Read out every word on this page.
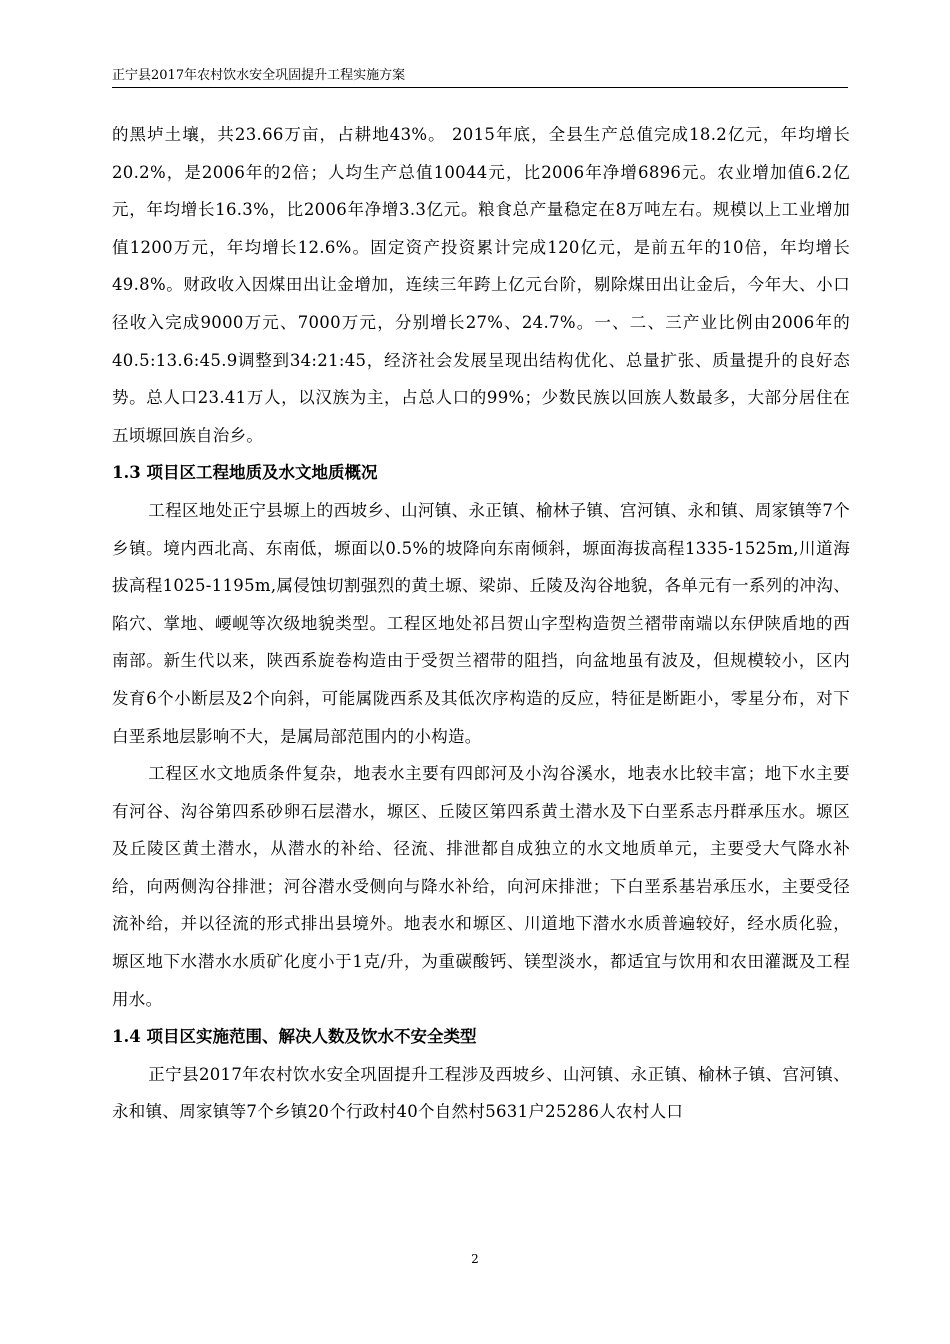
正宁县2017年农村饮水安全巩固提升工程实施方案

的黑垆土壤，共23.66万亩，占耕地43%。 2015年底，全县生产总值完成18.2亿元，年均增长20.2%，是2006年的2倍；人均生产总值10044元，比2006年净增6896元。农业增加值6.2亿元，年均增长16.3%，比2006年净增3.3亿元。粮食总产量稳定在8万吨左右。规模以上工业增加值1200万元，年均增长12.6%。固定资产投资累计完成120亿元，是前五年的10倍，年均增长49.8%。财政收入因煤田出让金增加，连续三年跨上亿元台阶，剔除煤田出让金后，今年大、小口径收入完成9000万元、7000万元，分别增长27%、24.7%。一、二、三产业比例由2006年的40.5:13.6:45.9调整到34:21:45，经济社会发展呈现出结构优化、总量扩张、质量提升的良好态势。总人口23.41万人，以汉族为主，占总人口的99%；少数民族以回族人数最多，大部分居住在五顷塬回族自治乡。

1.3 项目区工程地质及水文地质概况

工程区地处正宁县塬上的西坡乡、山河镇、永正镇、榆林子镇、宫河镇、永和镇、周家镇等7个乡镇。境内西北高、东南低，塬面以0.5%的坡降向东南倾斜，塬面海拔高程1335-1525m,川道海拔高程1025-1195m,属侵蚀切割强烈的黄土塬、梁峁、丘陵及沟谷地貌，各单元有一系列的冲沟、陷穴、掌地、崾岘等次级地貌类型。工程区地处祁吕贺山字型构造贺兰褶带南端以东伊陕盾地的西南部。新生代以来，陕西系旋卷构造由于受贺兰褶带的阻挡，向盆地虽有波及，但规模较小，区内发育6个小断层及2个向斜，可能属陇西系及其低次序构造的反应，特征是断距小，零星分布，对下白垩系地层影响不大，是属局部范围内的小构造。

工程区水文地质条件复杂，地表水主要有四郎河及小沟谷溪水，地表水比较丰富；地下水主要有河谷、沟谷第四系砂卵石层潜水，塬区、丘陵区第四系黄土潜水及下白垩系志丹群承压水。塬区及丘陵区黄土潜水，从潜水的补给、径流、排泄都自成独立的水文地质单元，主要受大气降水补给，向两侧沟谷排泄；河谷潜水受侧向与降水补给，向河床排泄；下白垩系基岩承压水，主要受径流补给，并以径流的形式排出县境外。地表水和塬区、川道地下潜水水质普遍较好，经水质化验，塬区地下水潜水水质矿化度小于1克/升，为重碳酸钙、镁型淡水，都适宜与饮用和农田灌溉及工程用水。

1.4 项目区实施范围、解决人数及饮水不安全类型

正宁县2017年农村饮水安全巩固提升工程涉及西坡乡、山河镇、永正镇、榆林子镇、宫河镇、永和镇、周家镇等7个乡镇20个行政村40个自然村5631户25286人农村人口

2
